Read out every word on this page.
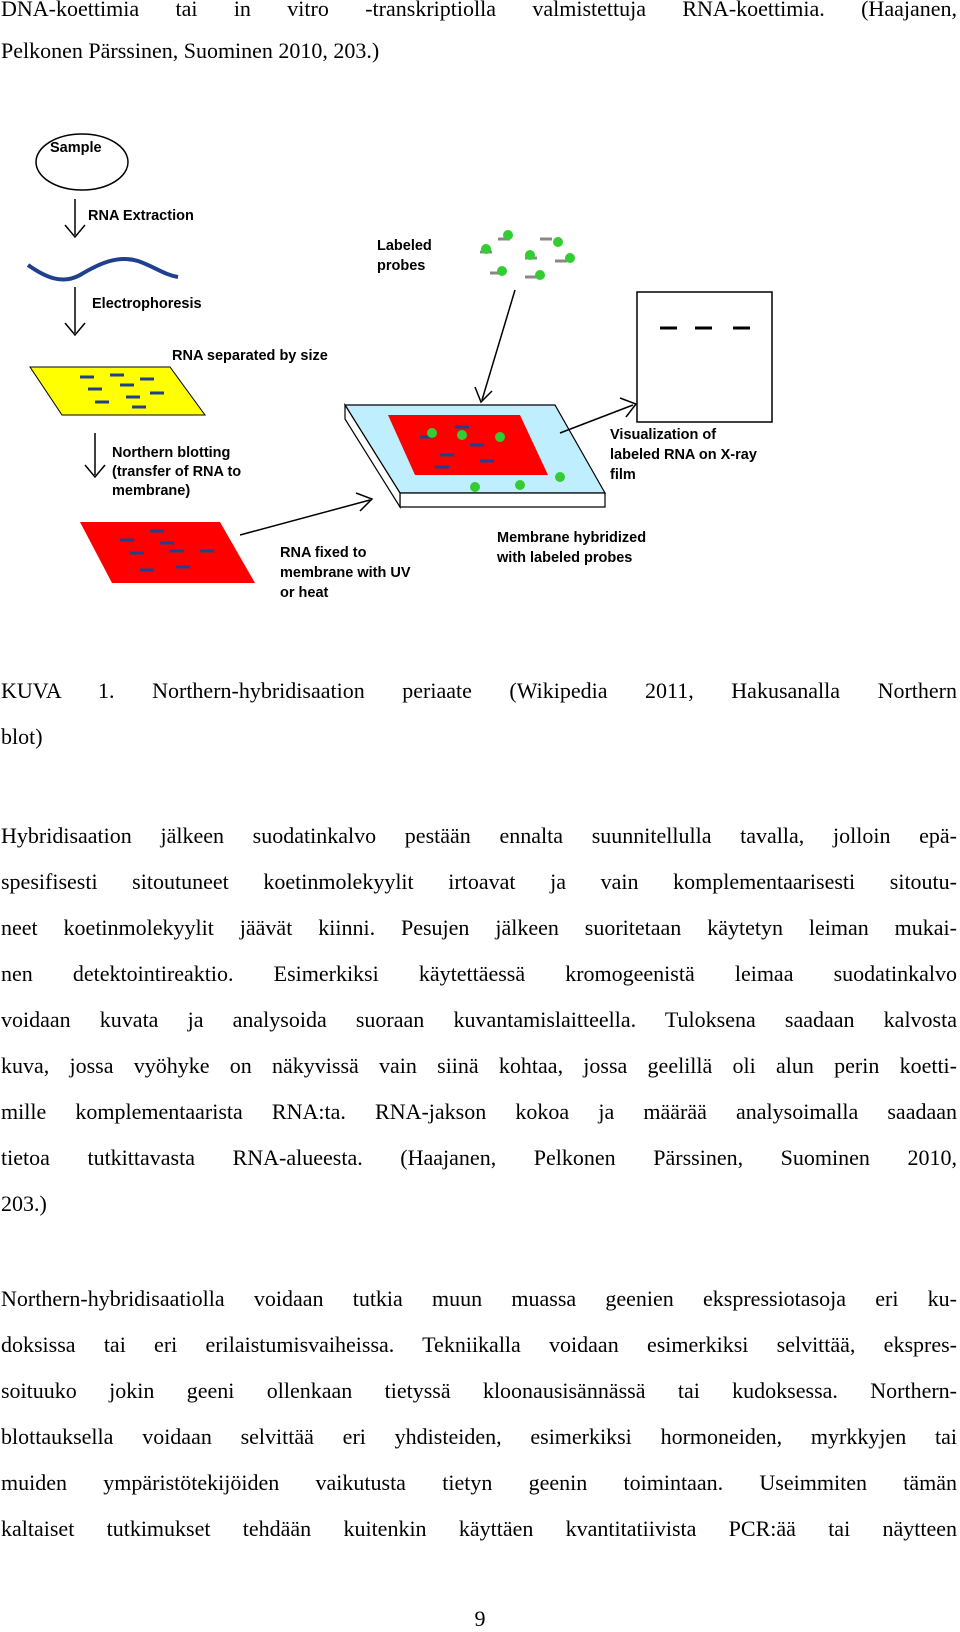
DNA-koettimia tai in vitro -transkriptiolla valmistettuja RNA-koettimia. (Haajanen,
Pelkonen Pärssinen, Suominen 2010, 203.)
Sample
RNA Extraction
Electrophoresis
RNA separated by size
Northern blotting
(transfer of RNA to
membrane)
RNA fixed to
membrane with UV
or heat
Labeled
probes
Membrane hybridized
with labeled probes
Visualization of
labeled RNA on X-ray
film
KUVA 1. Northern-hybridisaation periaate (Wikipedia 2011, Hakusanalla Northern
blot)
Hybridisaation jälkeen suodatinkalvo pestään ennalta suunnitellulla tavalla, jolloin epä-
spesifisesti sitoutuneet koetinmolekyylit irtoavat ja vain komplementaarisesti sitoutu-
neet koetinmolekyylit jäävät kiinni. Pesujen jälkeen suoritetaan käytetyn leiman mukai-
nen detektointireaktio. Esimerkiksi käytettäessä kromogeenistä leimaa suodatinkalvo
voidaan kuvata ja analysoida suoraan kuvantamislaitteella. Tuloksena saadaan kalvosta
kuva, jossa vyöhyke on näkyvissä vain siinä kohtaa, jossa geelillä oli alun perin koetti-
mille komplementaarista RNA:ta. RNA-jakson kokoa ja määrää analysoimalla saadaan
tietoa tutkittavasta RNA-alueesta. (Haajanen, Pelkonen Pärssinen, Suominen 2010,
203.)
Northern-hybridisaatiolla voidaan tutkia muun muassa geenien ekspressiotasoja eri ku-
doksissa tai eri erilaistumisvaiheissa. Tekniikalla voidaan esimerkiksi selvittää, ekspres-
soituuko jokin geeni ollenkaan tietyssä kloonausisännässä tai kudoksessa. Northern-
blottauksella voidaan selvittää eri yhdisteiden, esimerkiksi hormoneiden, myrkkyjen tai
muiden ympäristötekijöiden vaikutusta tietyn geenin toimintaan. Useimmiten tämän
kaltaiset tutkimukset tehdään kuitenkin käyttäen kvantitatiivista PCR:ää tai näytteen
9
